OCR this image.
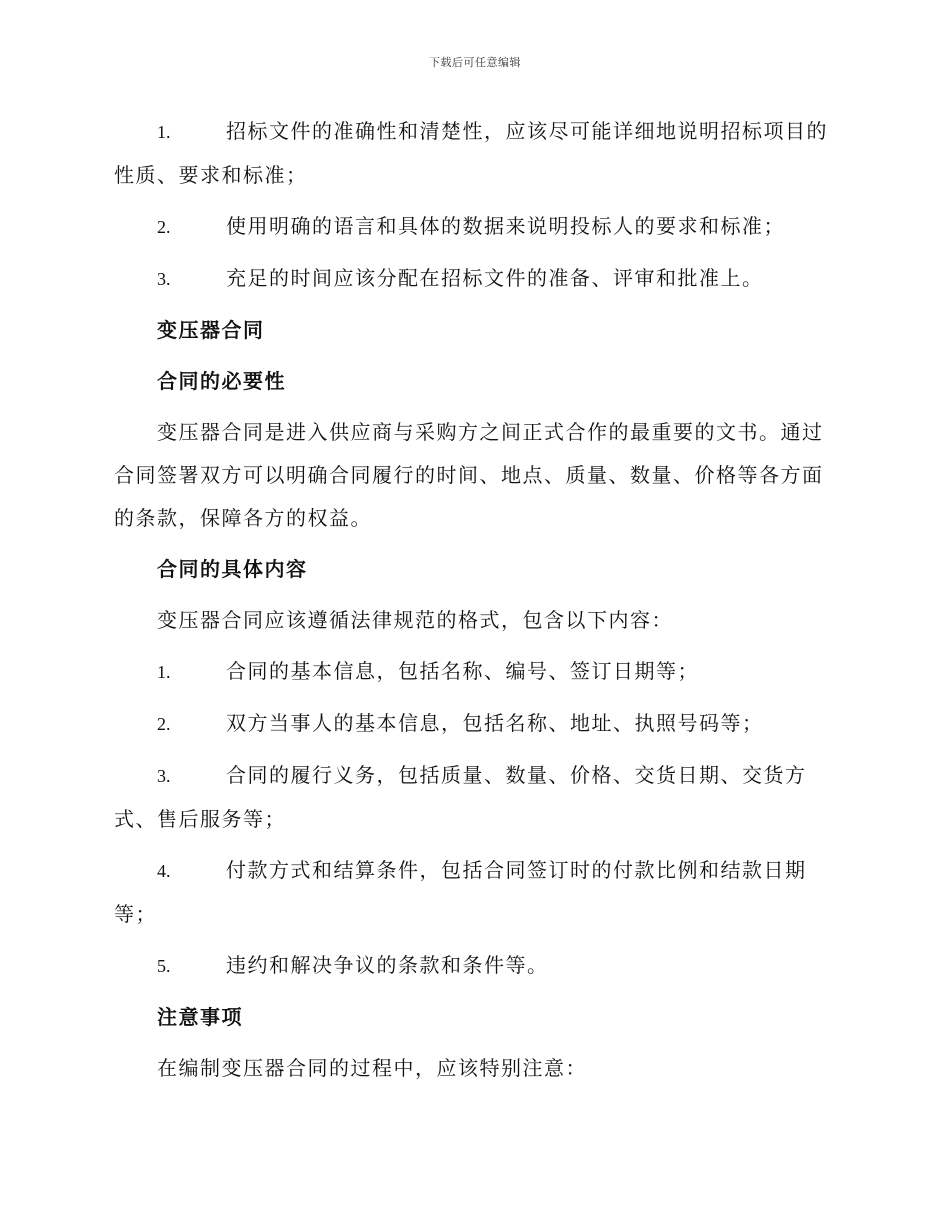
下载后可任意编辑

1.	招标文件的准确性和清楚性，应该尽可能详细地说明招标项目的性质、要求和标准；

2.	使用明确的语言和具体的数据来说明投标人的要求和标准；

3.	充足的时间应该分配在招标文件的准备、评审和批准上。

变压器合同

合同的必要性

变压器合同是进入供应商与采购方之间正式合作的最重要的文书。通过合同签署双方可以明确合同履行的时间、地点、质量、数量、价格等各方面的条款，保障各方的权益。

合同的具体内容

变压器合同应该遵循法律规范的格式，包含以下内容：

1.	合同的基本信息，包括名称、编号、签订日期等；

2.	双方当事人的基本信息，包括名称、地址、执照号码等；

3.	合同的履行义务，包括质量、数量、价格、交货日期、交货方式、售后服务等；

4.	付款方式和结算条件，包括合同签订时的付款比例和结款日期等；

5.	违约和解决争议的条款和条件等。

注意事项

在编制变压器合同的过程中，应该特别注意：
